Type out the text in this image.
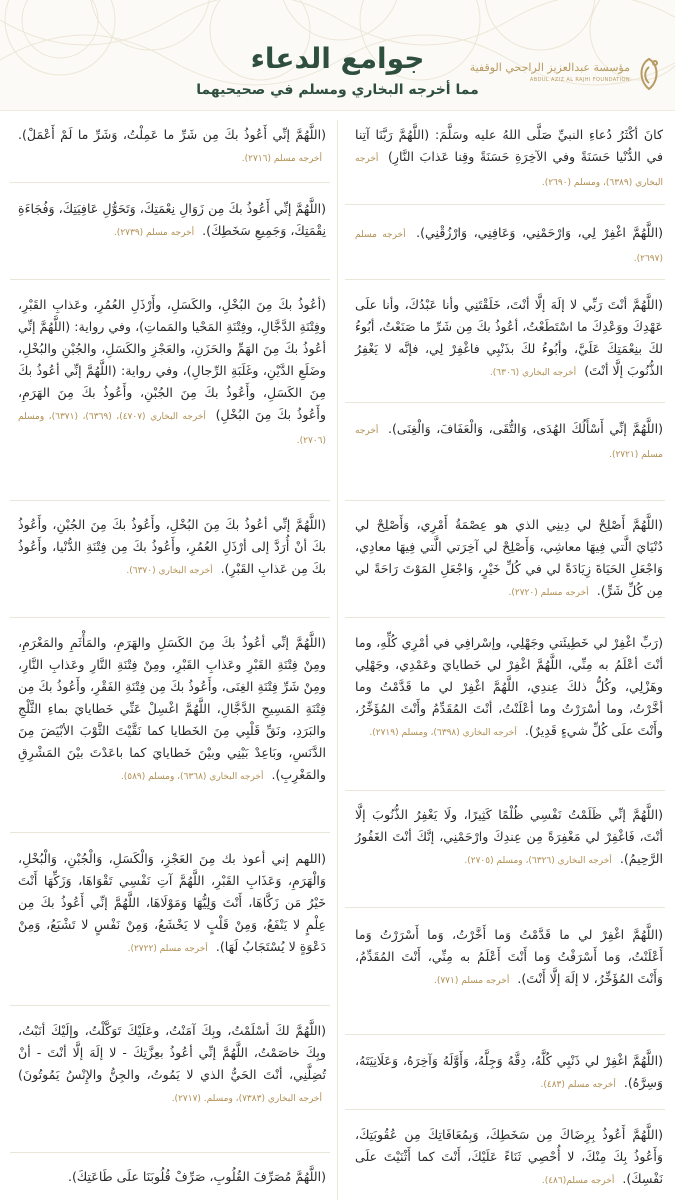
جوامع الدعاء
مما أخرجه البخاري ومسلم في صحيحيهما
مؤسسة عبدالعزيز الراجحي الوقفية
ABDUL AZIZ AL RAJHI FOUNDATION
كانَ أكْثَرُ دُعاءِ النبيِّ صَلَّى اللهُ عليه وسَلَّمَ: (اللَّهُمَّ رَبَّنَا آتِنا في الدُّنْيا حَسَنَةً وفي الآخِرَةِ حَسَنَةً وقِنا عَذابَ النَّارِ) أخرجه البخاري (٦٣٨٩)، ومسلم (٢٦٩٠).
(اللَّهُمَّ اغْفِرْ لِي، وَارْحَمْنِي، وَعَافِنِي، وَارْزُقْنِي). أخرجه مسلم (٢٦٩٧).
(اللَّهُمَّ أنْتَ رَبِّي لا إلَهَ إلَّا أنْتَ، خَلَقْتَنِي وأنا عَبْدُكَ، وأنا علَى عَهْدِكَ ووَعْدِكَ ما اسْتَطَعْتُ، أعُوذُ بكَ مِن شَرِّ ما صَنَعْتُ، أبُوءُ لكَ بنِعْمَتِكَ عَلَيَّ، وأبُوءُ لكَ بذَنْبِي فاغْفِرْ لِي، فإنَّه لا يَغْفِرُ الذُّنُوبَ إلَّا أنْتَ) أخرجه البخاري (٦٣٠٦).
(اللَّهُمَّ إنِّي أَسْأَلُكَ الهُدَى، وَالتُّقَى، وَالْعَفَافَ، وَالْغِنَى). أخرجه مسلم (٢٧٢١).
(اللَّهُمَّ أَصْلِحْ لي دِينِي الذي هو عِصْمَةُ أَمْرِي، وَأَصْلِحْ لي دُنْيَايَ الَّتي فِيهَا معاشِي، وَأَصْلِحْ لي آخِرَتي الَّتي فِيهَا معادِي، وَاجْعَلِ الحَيَاةَ زِيَادَةً لي في كُلِّ خَيْرٍ، وَاجْعَلِ المَوْتَ رَاحَةً لي مِن كُلِّ شَرٍّ). أخرجه مسلم (٢٧٢٠).
(رَبِّ اغْفِرْ لي خَطِيئَتي وجَهْلِي، وإسْرافِي في أمْرِي كُلِّهِ، وما أنْتَ أعْلَمُ به مِنِّي، اللَّهُمَّ اغْفِرْ لي خَطايايَ وعَمْدِي، وجَهْلِي وهَزْلِي، وكُلُّ ذلكَ عِندِي، اللَّهُمَّ اغْفِرْ لي ما قَدَّمْتُ وما أخَّرْتُ، وما أسْرَرْتُ وما أعْلَنْتُ، أنْتَ المُقَدِّمُ وأَنْتَ المُؤَخِّرُ، وأَنْتَ علَى كُلِّ شيءٍ قَدِيرٌ). أخرجه البخاري (٦٣٩٨)، ومسلم (٢٧١٩).
(اللَّهُمَّ إنِّي ظَلَمْتُ نَفْسِي ظُلْمًا كَثِيرًا، ولَا يَغْفِرُ الذُّنُوبَ إلَّا أنْتَ، فَاغْفِرْ لي مَغْفِرَةً مِن عِندِكَ وارْحَمْنِي، إنَّكَ أنْتَ الغَفُورُ الرَّحِيمُ). أخرجه البخاري (٦٣٢٦)، ومسلم (٢٧٠٥).
(اللَّهُمَّ اغْفِرْ لي ما قَدَّمْتُ وَما أَخَّرْتُ، وَما أَسْرَرْتُ وَما أَعْلَنْتُ، وَما أَسْرَفْتُ وَما أَنْتَ أَعْلَمُ به مِنِّي، أَنْتَ المُقَدِّمُ، وَأَنْتَ المُؤَخِّرُ، لا إلَهَ إلَّا أَنْتَ). أخرجه مسلم (٧٧١).
(اللَّهُمَّ اغْفِرْ لي ذَنْبِي كُلَّهُ، دِقَّهُ وَجِلَّهُ، وَأَوَّلَهُ وَآخِرَهُ، وَعَلَانِيَتَهُ، وَسِرَّهُ). أخرجه مسلم (٤٨٣).
(اللَّهُمَّ أَعُوذُ بِرِضَاكَ مِن سَخَطِكَ، وَبِمُعَافَاتِكَ مِن عُقُوبَتِكَ، وَأَعُوذُ بِكَ مِنْكَ، لا أُحْصِي ثَنَاءً عَلَيْكَ، أَنْتَ كما أَثْنَيْتَ علَى نَفْسِكَ). أخرجه مسلم(٤٨٦).
(اللَّهُمَّ إنِّي أَعُوذُ بكَ مِن شَرِّ ما عَمِلْتُ، وَشَرِّ ما لَمْ أَعْمَلْ). أخرجه مسلم (٢٧١٦).
(اللَّهُمَّ إنِّي أَعُوذُ بكَ مِن زَوَالِ نِعْمَتِكَ، وَتَحَوُّلِ عَافِيَتِكَ، وَفُجَاءَةِ نِقْمَتِكَ، وَجَمِيعِ سَخَطِكَ). أخرجه مسلم (٢٧٣٩).
(أعُوذُ بكَ مِنَ البُخْلِ، والكَسَلِ، وأَرْذَلِ العُمُرِ، وعَذابِ القَبْرِ، وفِتْنَةِ الدَّجَّالِ، وفِتْنَةِ المَحْيا والمَماتِ)، وفي رواية: (اللَّهُمَّ إنِّي أعُوذُ بكَ مِنَ الهَمِّ والحَزَنِ، والعَجْزِ والكَسَلِ، والجُبْنِ والبُخْلِ، وضَلَعِ الدَّيْنِ، وغَلَبَةِ الرِّجالِ)، وفي رواية: (اللَّهُمَّ إنِّي أعُوذُ بكَ مِنَ الكَسَلِ، وأَعُوذُ بكَ مِنَ الجُبْنِ، وأَعُوذُ بكَ مِنَ الهَرَمِ، وأَعُوذُ بكَ مِنَ البُخْلِ) أخرجه البخاري (٤٧٠٧)، (٦٣٦٩)، (٦٣٧١)، ومسلم (٢٧٠٦).
(اللَّهُمَّ إنِّي أعُوذُ بكَ مِنَ البُخْلِ، وأَعُوذُ بكَ مِنَ الجُبْنِ، وأَعُوذُ بكَ أنْ أُرَدَّ إلى أرْذَلِ العُمُرِ، وأَعُوذُ بكَ مِن فِتْنَةِ الدُّنْيا، وأَعُوذُ بكَ مِن عَذابِ القَبْرِ). أخرجه البخاري (٦٣٧٠).
(اللَّهُمَّ إنِّي أعُوذُ بكَ مِنَ الكَسَلِ والهَرَمِ، والمَأْثَمِ والمَغْرَمِ، ومِنْ فِتْنَةِ القَبْرِ وعَذابِ القَبْرِ، ومِنْ فِتْنَةِ النَّارِ وعَذابِ النَّارِ، ومِنْ شَرِّ فِتْنَةِ الغِنَى، وأَعُوذُ بكَ مِن فِتْنَةِ الفَقْرِ، وأَعُوذُ بكَ مِن فِتْنَةِ المَسِيحِ الدَّجَّالِ، اللَّهُمَّ اغْسِلْ عَنِّي خَطايايَ بماءِ الثَّلْجِ والبَرَدِ، ونَقِّ قَلْبِي مِنَ الخَطايا كما نَقَّيْتَ الثَّوْبَ الأبْيَضَ مِنَ الدَّنَسِ، وبَاعِدْ بَيْنِي وبيْنَ خَطايايَ كما باعَدْتَ بيْنَ المَشْرِقِ والمَغْرِبِ). أخرجه البخاري (٦٣٦٨)، ومسلم (٥٨٩).
(اللهم إني أعوذ بك مِنَ العَجْزِ، وَالْكَسَلِ، وَالْجُبْنِ، وَالْبُخْلِ، وَالْهَرَمِ، وَعَذَابِ القَبْرِ، اللَّهُمَّ آتِ نَفْسِي تَقْوَاهَا، وَزَكِّهَا أَنْتَ خَيْرُ مَن زَكَّاهَا، أَنْتَ وَلِيُّهَا وَمَوْلَاهَا، اللَّهُمَّ إنِّي أَعُوذُ بكَ مِن عِلْمٍ لا يَنْفَعُ، وَمِنْ قَلْبٍ لا يَخْشَعُ، وَمِنْ نَفْسٍ لا تَشْبَعُ، وَمِنْ دَعْوَةٍ لا يُسْتَجَابُ لَهَا). أخرجه مسلم (٢٧٢٢).
(اللَّهُمَّ لكَ أسْلَمْتُ، وبِكَ آمَنْتُ، وعَلَيْكَ تَوَكَّلْتُ، وإلَيْكَ أنَبْتُ، وبِكَ خاصَمْتُ، اللَّهُمَّ إنِّي أعُوذُ بعِزَّتِكَ - لا إلَهَ إلَّا أنْتَ - أنْ تُضِلَّنِي، أنْتَ الحَيُّ الذي لا يَمُوتُ، والجِنُّ والإِنْسُ يَمُوتُونَ) أخرجه البخاري (٧٣٨٣)، ومسلم. (٢٧١٧).
(اللَّهُمَّ مُصَرِّفَ القُلُوبِ، صَرِّفْ قُلُوبَنَا علَى طَاعَتِكَ).
